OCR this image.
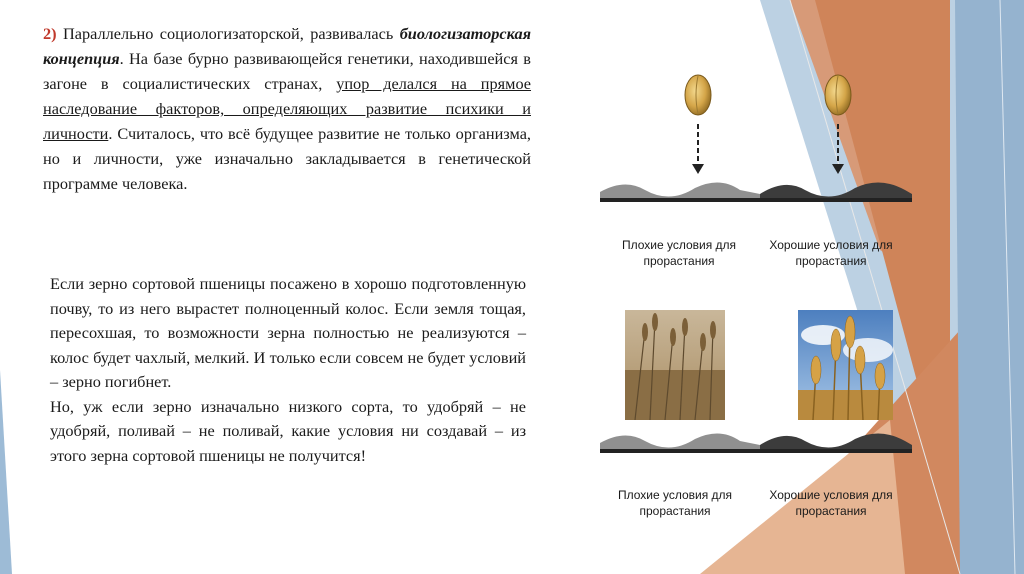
2) Параллельно социологизаторской, развивалась биологизаторская концепция. На базе бурно развивающейся генетики, находившейся в загоне в социалистических странах, упор делался на прямое наследование факторов, определяющих развитие психики и личности. Считалось, что всё будущее развитие не только организма, но и личности, уже изначально закладывается в генетической программе человека.

Если зерно сортовой пшеницы посажено в хорошо подготовленную почву, то из него вырастет полноценный колос. Если земля тощая, пересохшая, то возможности зерна полностью не реализуются – колос будет чахлый, мелкий. И только если совсем не будет условий – зерно погибнет.
Но, уж если зерно изначально низкого сорта, то удобряй – не удобряй, поливай – не поливай, какие условия ни создавай – из этого зерна сортовой пшеницы не получится!
Плохие условия для прорастания
Хорошие условия для прорастания
Плохие условия для прорастания
Хорошие условия для прорастания
